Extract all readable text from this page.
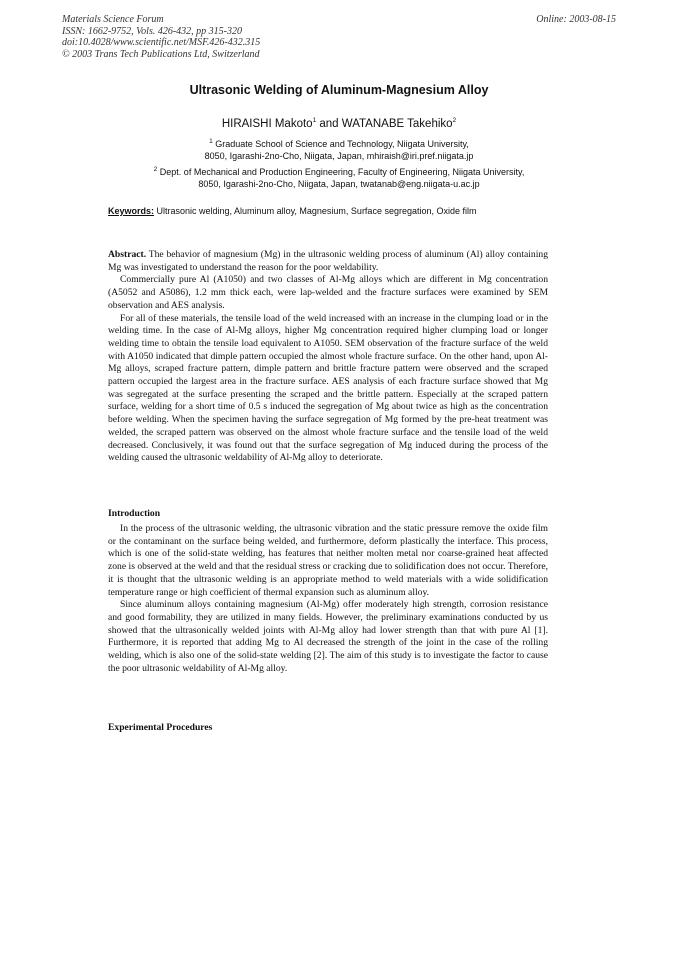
Materials Science Forum
ISSN: 1662-9752, Vols. 426-432, pp 315-320
doi:10.4028/www.scientific.net/MSF.426-432.315
© 2003 Trans Tech Publications Ltd, Switzerland
Online: 2003-08-15
Ultrasonic Welding of Aluminum-Magnesium Alloy
HIRAISHI Makoto$^1$ and WATANABE Takehiko$^2$
$^1$ Graduate School of Science and Technology, Niigata University,
8050, Igarashi-2no-Cho, Niigata, Japan, mhiraish@iri.pref.niigata.jp
$^2$ Dept. of Mechanical and Production Engineering, Faculty of Engineering, Niigata University,
8050, Igarashi-2no-Cho, Niigata, Japan, twatanab@eng.niigata-u.ac.jp
Keywords: Ultrasonic welding, Aluminum alloy, Magnesium, Surface segregation, Oxide film

Abstract. The behavior of magnesium (Mg) in the ultrasonic welding process of aluminum (Al) alloy containing Mg was investigated to understand the reason for the poor weldability.

Commercially pure Al (A1050) and two classes of Al-Mg alloys which are different in Mg concentration (A5052 and A5086), 1.2 mm thick each, were lap-welded and the fracture surfaces were examined by SEM observation and AES analysis.

For all of these materials, the tensile load of the weld increased with an increase in the clumping load or in the welding time. In the case of Al-Mg alloys, higher Mg concentration required higher clumping load or longer welding time to obtain the tensile load equivalent to A1050. SEM observation of the fracture surface of the weld with A1050 indicated that dimple pattern occupied the almost whole fracture surface. On the other hand, upon Al-Mg alloys, scraped fracture pattern, dimple pattern and brittle fracture pattern were observed and the scraped pattern occupied the largest area in the fracture surface. AES analysis of each fracture surface showed that Mg was segregated at the surface presenting the scraped and the brittle pattern. Especially at the scraped pattern surface, welding for a short time of 0.5 s induced the segregation of Mg about twice as high as the concentration before welding. When the specimen having the surface segregation of Mg formed by the pre-heat treatment was welded, the scraped pattern was observed on the almost whole fracture surface and the tensile load of the weld decreased. Conclusively, it was found out that the surface segregation of Mg induced during the process of the welding caused the ultrasonic weldability of Al-Mg alloy to deteriorate.

Introduction

In the process of the ultrasonic welding, the ultrasonic vibration and the static pressure remove the oxide film or the contaminant on the surface being welded, and furthermore, deform plastically the interface. This process, which is one of the solid-state welding, has features that neither molten metal nor coarse-grained heat affected zone is observed at the weld and that the residual stress or cracking due to solidification does not occur. Therefore, it is thought that the ultrasonic welding is an appropriate method to weld materials with a wide solidification temperature range or high coefficient of thermal expansion such as aluminum alloy.

Since aluminum alloys containing magnesium (Al-Mg) offer moderately high strength, corrosion resistance and good formability, they are utilized in many fields. However, the preliminary examinations conducted by us showed that the ultrasonically welded joints with Al-Mg alloy had lower strength than that with pure Al [1]. Furthermore, it is reported that adding Mg to Al decreased the strength of the joint in the case of the rolling welding, which is also one of the solid-state welding [2]. The aim of this study is to investigate the factor to cause the poor ultrasonic weldability of Al-Mg alloy.

Experimental Procedures
